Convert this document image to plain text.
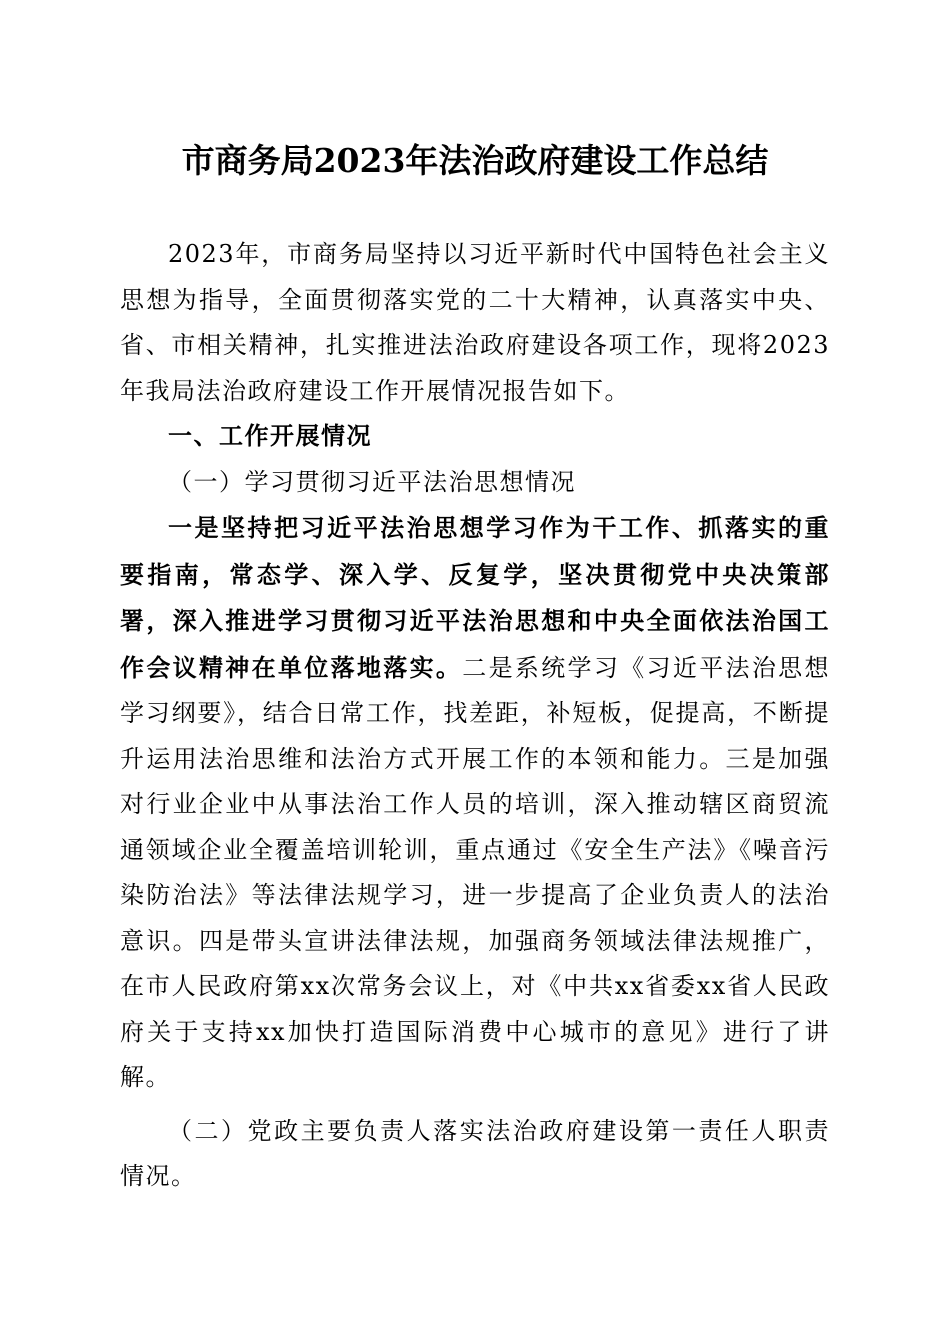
市商务局2023年法治政府建设工作总结

2023年，市商务局坚持以习近平新时代中国特色社会主义思想为指导，全面贯彻落实党的二十大精神，认真落实中央、省、市相关精神，扎实推进法治政府建设各项工作，现将2023年我局法治政府建设工作开展情况报告如下。

一、工作开展情况

（一）学习贯彻习近平法治思想情况

一是坚持把习近平法治思想学习作为干工作、抓落实的重要指南，常态学、深入学、反复学，坚决贯彻党中央决策部署，深入推进学习贯彻习近平法治思想和中央全面依法治国工作会议精神在单位落地落实。二是系统学习《习近平法治思想学习纲要》，结合日常工作，找差距，补短板，促提高，不断提升运用法治思维和法治方式开展工作的本领和能力。三是加强对行业企业中从事法治工作人员的培训，深入推动辖区商贸流通领域企业全覆盖培训轮训，重点通过《安全生产法》《噪音污染防治法》等法律法规学习，进一步提高了企业负责人的法治意识。四是带头宣讲法律法规，加强商务领域法律法规推广，在市人民政府第xx次常务会议上，对《中共xx省委xx省人民政府关于支持xx加快打造国际消费中心城市的意见》进行了讲解。

（二）党政主要负责人落实法治政府建设第一责任人职责情况。
